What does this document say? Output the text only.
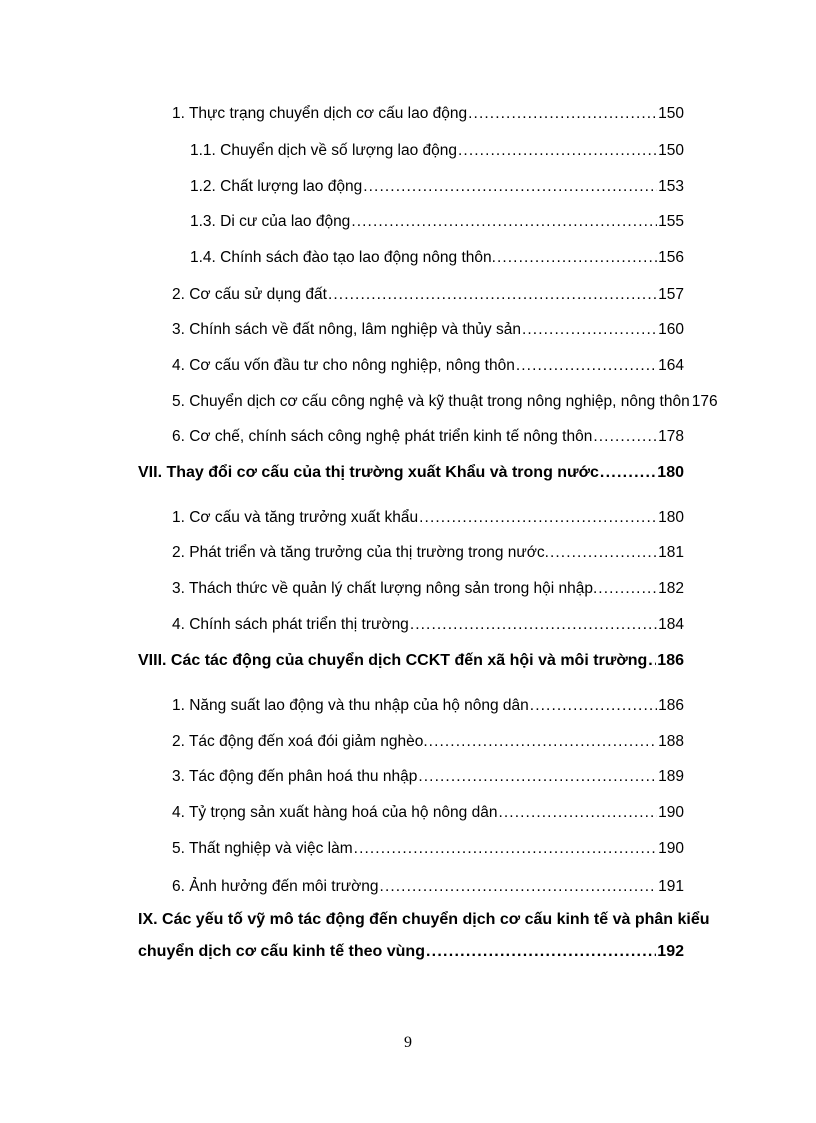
1. Thực trạng chuyển dịch cơ cấu lao động . . .	150
1.1. Chuyển dịch về số lượng lao động . . .	150
1.2. Chất lượng lao động . . .	153
1.3. Di cư của lao động . . .	155
1.4. Chính sách đào tạo lao động nông thôn. . . .	156
2. Cơ cấu sử dụng đất . . .	157
3. Chính sách về đất nông, lâm nghiệp và thủy sản . . .	160
4. Cơ cấu vốn đầu tư cho nông nghiệp, nông thôn . . .	164
5. Chuyển dịch cơ cấu công nghệ và kỹ thuật trong nông nghiệp, nông thôn 176
6. Cơ chế, chính sách công nghệ phát triển kinh tế nông thôn . . .	178
VII. Thay đổi cơ cấu của thị trường xuất Khẩu và trong nước . . .	180
1. Cơ cấu và tăng trưởng xuất khẩu . . .	180
2. Phát triển và tăng trưởng của thị trường trong nước. . . .	181
3. Thách thức về quản lý chất lượng nông sản trong hội nhập. . . .	182
4. Chính sách phát triển thị trường . . .	184
VIII. Các tác động của chuyển dịch CCKT đến xã hội và môi trường . . . 186
1. Năng suất lao động và thu nhập của hộ nông dân . . .	186
2. Tác động đến xoá đói giảm nghèo. . . .	188
3. Tác động đến phân hoá thu nhập . . .	189
4. Tỷ trọng sản xuất hàng hoá của hộ nông dân . . .	190
5. Thất nghiệp và việc làm . . .	190
6. Ảnh hưởng đến môi trường . . .	191
IX. Các yếu tố vỹ mô tác động đến chuyển dịch cơ cấu kinh tế và phân kiểu
chuyển dịch cơ cấu kinh tế theo vùng . . .	192
9
